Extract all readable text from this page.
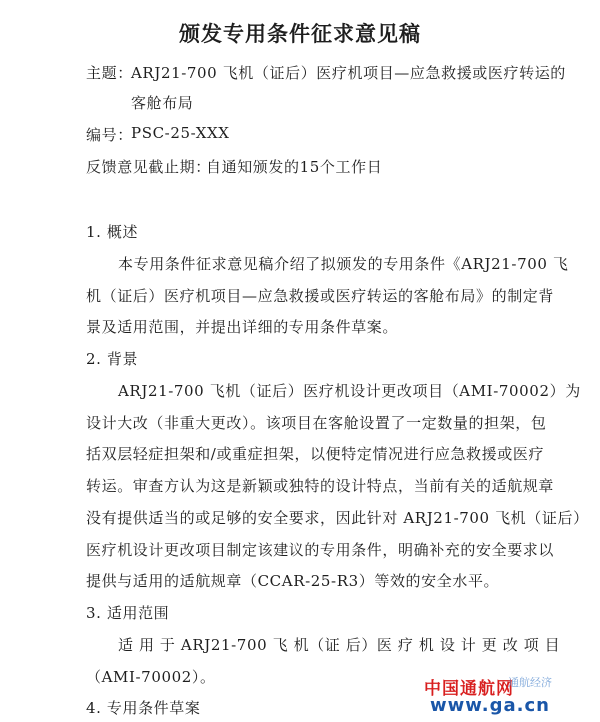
颁发专用条件征求意见稿
主题：
ARJ21-700 飞机（证后）医疗机项目—应急救援或医疗转运的
客舱布局
编号：
PSC-25-XXX
反馈意见截止期：
自通知颁发的15个工作日
1. 概述
本专用条件征求意见稿介绍了拟颁发的专用条件《ARJ21-700 飞
机（证后）医疗机项目—应急救援或医疗转运的客舱布局》的制定背
景及适用范围，并提出详细的专用条件草案。
2. 背景
ARJ21-700 飞机（证后）医疗机设计更改项目（AMI-70002）为
设计大改（非重大更改）。该项目在客舱设置了一定数量的担架，包
括双层轻症担架和/或重症担架，以便特定情况进行应急救援或医疗
转运。审查方认为这是新颖或独特的设计特点，当前有关的适航规章
没有提供适当的或足够的安全要求，因此针对 ARJ21-700 飞机（证后）
医疗机设计更改项目制定该建议的专用条件，明确补充的安全要求以
提供与适用的适航规章（CCAR-25-R3）等效的安全水平。
3. 适用范围
适 用 于 ARJ21-700 飞 机（证 后）医 疗 机 设 计 更 改 项 目
（AMI-70002）。
4. 专用条件草案
中国通航网
通航经济
www.ga.cn
